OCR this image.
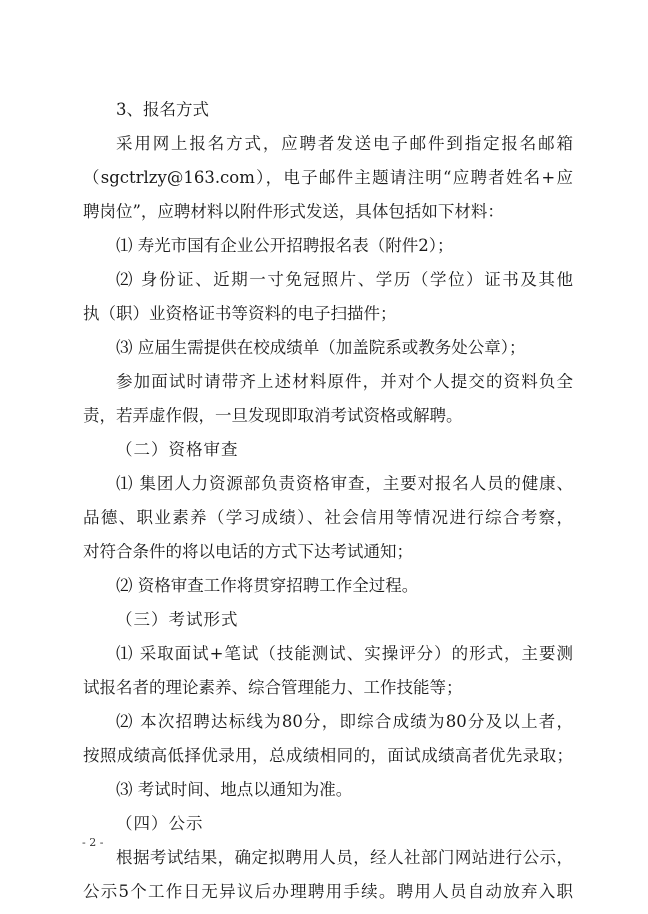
3、报名方式
采用网上报名方式，应聘者发送电子邮件到指定报名邮箱
（sgctrlzy@163.com），电子邮件主题请注明“应聘者姓名+应
聘岗位”，应聘材料以附件形式发送，具体包括如下材料：
⑴ 寿光市国有企业公开招聘报名表（附件2）；
⑵ 身份证、近期一寸免冠照片、学历（学位）证书及其他
执（职）业资格证书等资料的电子扫描件；
⑶ 应届生需提供在校成绩单（加盖院系或教务处公章）；
参加面试时请带齐上述材料原件，并对个人提交的资料负全
责，若弄虚作假，一旦发现即取消考试资格或解聘。
（二）资格审查
⑴ 集团人力资源部负责资格审查，主要对报名人员的健康、
品德、职业素养（学习成绩）、社会信用等情况进行综合考察，
对符合条件的将以电话的方式下达考试通知；
⑵ 资格审查工作将贯穿招聘工作全过程。
（三）考试形式
⑴ 采取面试+笔试（技能测试、实操评分）的形式，主要测
试报名者的理论素养、综合管理能力、工作技能等；
⑵ 本次招聘达标线为80分，即综合成绩为80分及以上者，
按照成绩高低择优录用，总成绩相同的，面试成绩高者优先录取；
⑶ 考试时间、地点以通知为准。
（四）公示
根据考试结果，确定拟聘用人员，经人社部门网站进行公示，
公示5个工作日无异议后办理聘用手续。聘用人员自动放弃入职
- 2 -
